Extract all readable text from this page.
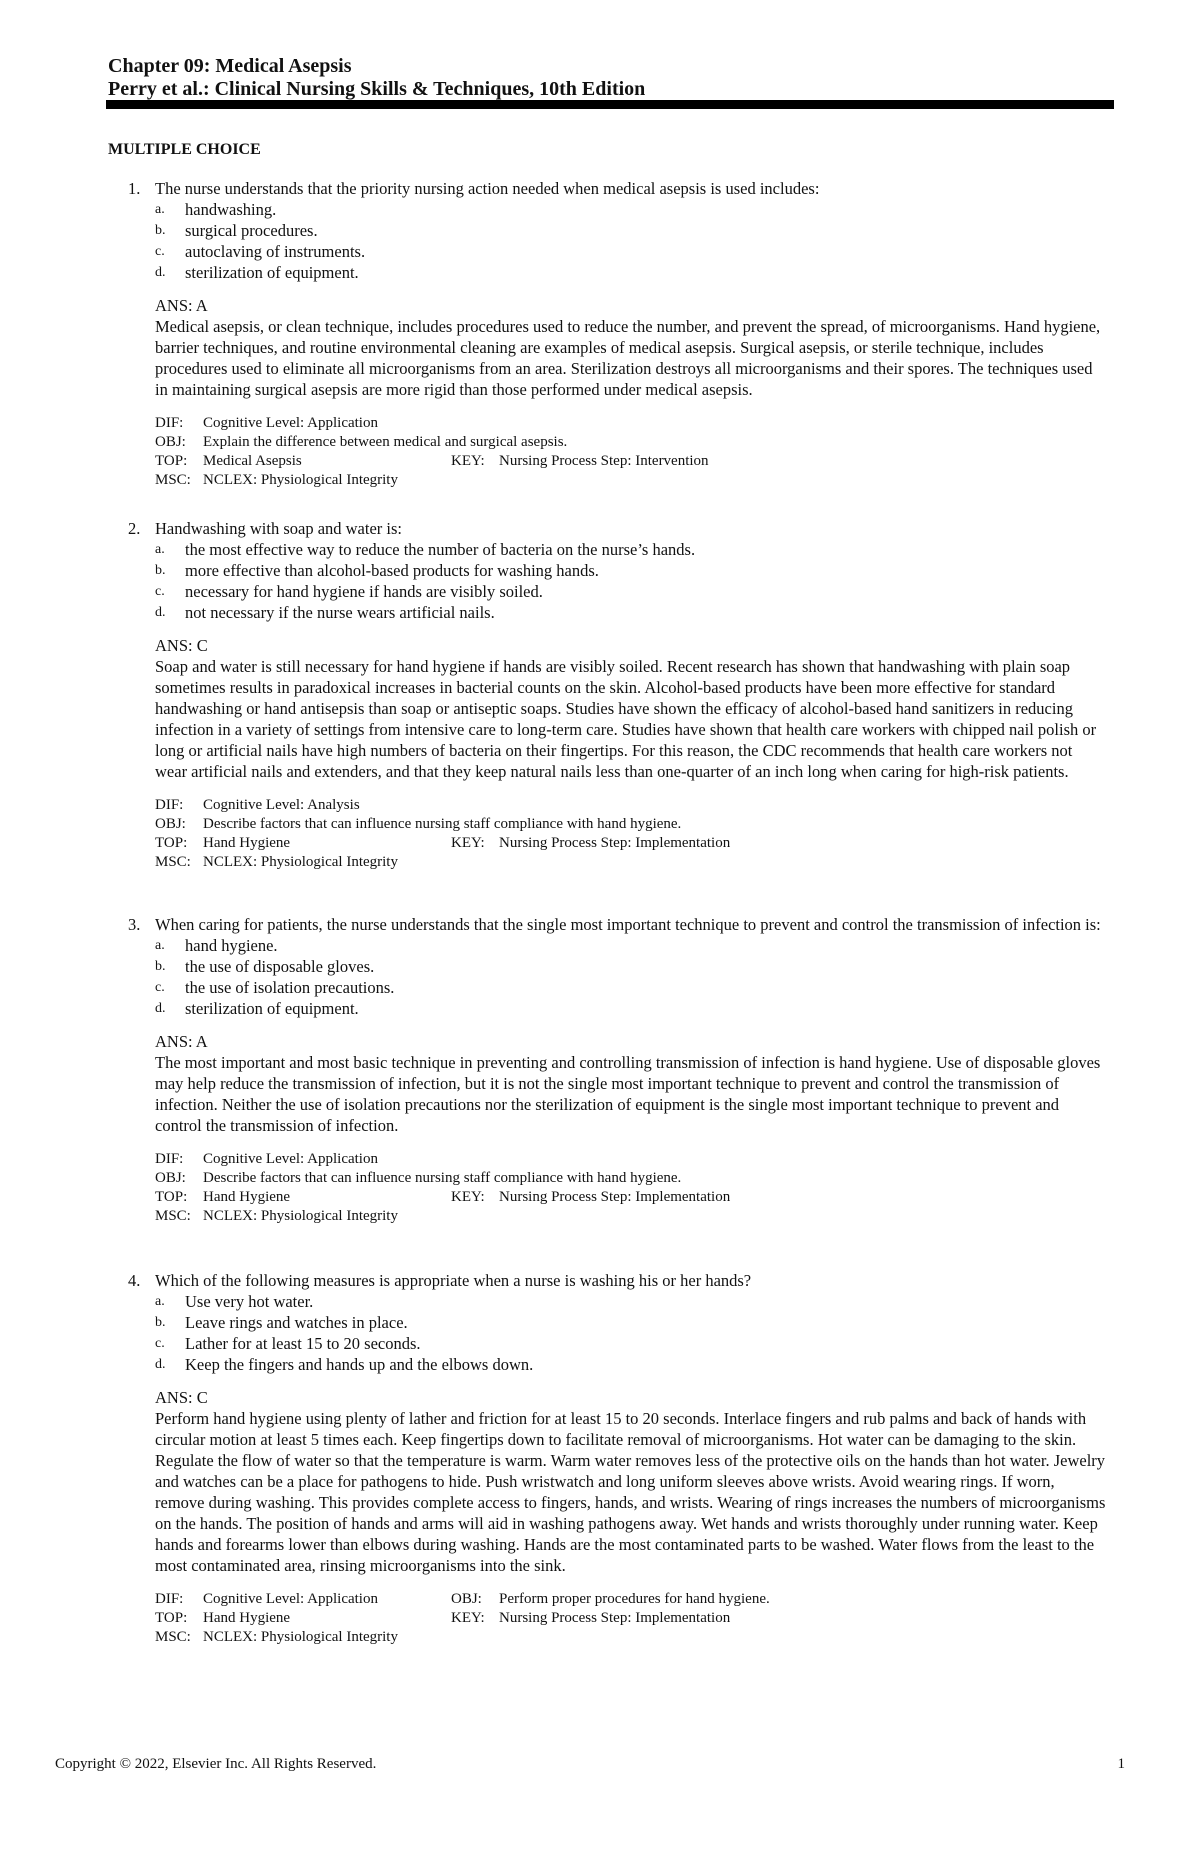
Chapter 09: Medical Asepsis
Perry et al.: Clinical Nursing Skills & Techniques, 10th Edition
MULTIPLE CHOICE
1. The nurse understands that the priority nursing action needed when medical asepsis is used includes:
a. handwashing.
b. surgical procedures.
c. autoclaving of instruments.
d. sterilization of equipment.
ANS: A
Medical asepsis, or clean technique, includes procedures used to reduce the number, and prevent the spread, of microorganisms. Hand hygiene, barrier techniques, and routine environmental cleaning are examples of medical asepsis. Surgical asepsis, or sterile technique, includes procedures used to eliminate all microorganisms from an area. Sterilization destroys all microorganisms and their spores. The techniques used in maintaining surgical asepsis are more rigid than those performed under medical asepsis.
DIF: Cognitive Level: Application
OBJ: Explain the difference between medical and surgical asepsis.
TOP: Medical Asepsis	KEY: Nursing Process Step: Intervention
MSC: NCLEX: Physiological Integrity
2. Handwashing with soap and water is:
a. the most effective way to reduce the number of bacteria on the nurse’s hands.
b. more effective than alcohol-based products for washing hands.
c. necessary for hand hygiene if hands are visibly soiled.
d. not necessary if the nurse wears artificial nails.
ANS: C
Soap and water is still necessary for hand hygiene if hands are visibly soiled. Recent research has shown that handwashing with plain soap sometimes results in paradoxical increases in bacterial counts on the skin. Alcohol-based products have been more effective for standard handwashing or hand antisepsis than soap or antiseptic soaps. Studies have shown the efficacy of alcohol-based hand sanitizers in reducing infection in a variety of settings from intensive care to long-term care. Studies have shown that health care workers with chipped nail polish or long or artificial nails have high numbers of bacteria on their fingertips. For this reason, the CDC recommends that health care workers not wear artificial nails and extenders, and that they keep natural nails less than one-quarter of an inch long when caring for high-risk patients.
DIF: Cognitive Level: Analysis
OBJ: Describe factors that can influence nursing staff compliance with hand hygiene.
TOP: Hand Hygiene	KEY: Nursing Process Step: Implementation
MSC: NCLEX: Physiological Integrity
3. When caring for patients, the nurse understands that the single most important technique to prevent and control the transmission of infection is:
a. hand hygiene.
b. the use of disposable gloves.
c. the use of isolation precautions.
d. sterilization of equipment.
ANS: A
The most important and most basic technique in preventing and controlling transmission of infection is hand hygiene. Use of disposable gloves may help reduce the transmission of infection, but it is not the single most important technique to prevent and control the transmission of infection. Neither the use of isolation precautions nor the sterilization of equipment is the single most important technique to prevent and control the transmission of infection.
DIF: Cognitive Level: Application
OBJ: Describe factors that can influence nursing staff compliance with hand hygiene.
TOP: Hand Hygiene	KEY: Nursing Process Step: Implementation
MSC: NCLEX: Physiological Integrity
4. Which of the following measures is appropriate when a nurse is washing his or her hands?
a. Use very hot water.
b. Leave rings and watches in place.
c. Lather for at least 15 to 20 seconds.
d. Keep the fingers and hands up and the elbows down.
ANS: C
Perform hand hygiene using plenty of lather and friction for at least 15 to 20 seconds. Interlace fingers and rub palms and back of hands with circular motion at least 5 times each. Keep fingertips down to facilitate removal of microorganisms. Hot water can be damaging to the skin. Regulate the flow of water so that the temperature is warm. Warm water removes less of the protective oils on the hands than hot water. Jewelry and watches can be a place for pathogens to hide. Push wristwatch and long uniform sleeves above wrists. Avoid wearing rings. If worn, remove during washing. This provides complete access to fingers, hands, and wrists. Wearing of rings increases the numbers of microorganisms on the hands. The position of hands and arms will aid in washing pathogens away. Wet hands and wrists thoroughly under running water. Keep hands and forearms lower than elbows during washing. Hands are the most contaminated parts to be washed. Water flows from the least to the most contaminated area, rinsing microorganisms into the sink.
DIF: Cognitive Level: Application	OBJ: Perform proper procedures for hand hygiene.
TOP: Hand Hygiene	KEY: Nursing Process Step: Implementation
MSC: NCLEX: Physiological Integrity
Copyright © 2022, Elsevier Inc. All Rights Reserved.	1
